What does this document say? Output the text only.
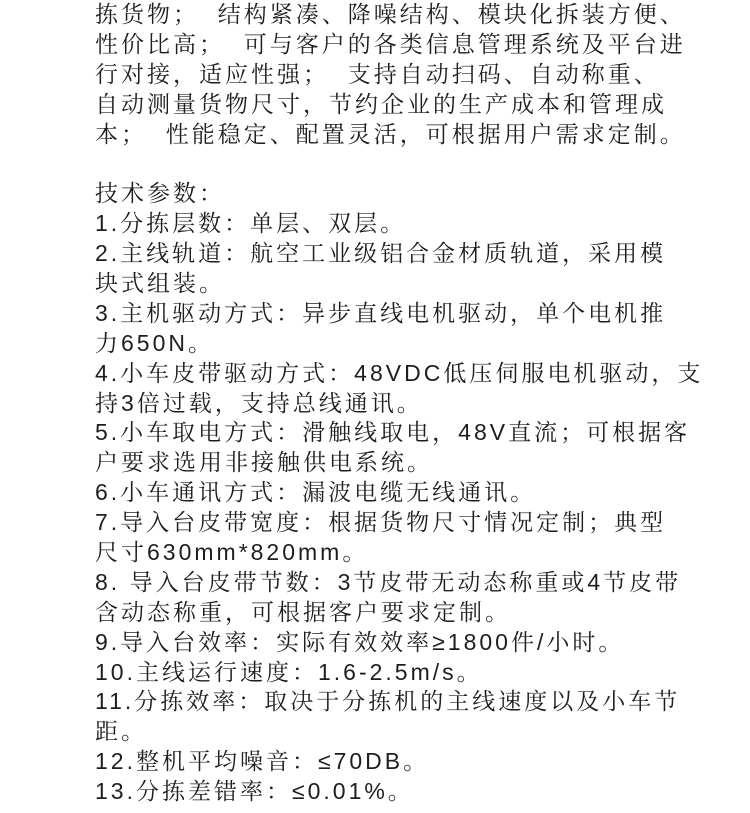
拣货物；  结构紧凑、降噪结构、模块化拆装方便、
性价比高；  可与客户的各类信息管理系统及平台进
行对接，适应性强；  支持自动扫码、自动称重、
自动测量货物尺寸，节约企业的生产成本和管理成
本；  性能稳定、配置灵活，可根据用户需求定制。
技术参数：
1.分拣层数：单层、双层。
2.主线轨道：航空工业级铝合金材质轨道，采用模
块式组装。
3.主机驱动方式：异步直线电机驱动，单个电机推
力650N。
4.小车皮带驱动方式：48VDC低压伺服电机驱动，支
持3倍过载，支持总线通讯。
5.小车取电方式：滑触线取电，48V直流；可根据客
户要求选用非接触供电系统。
6.小车通讯方式：漏波电缆无线通讯。
7.导入台皮带宽度：根据货物尺寸情况定制；典型
尺寸630mm*820mm。
8. 导入台皮带节数：3节皮带无动态称重或4节皮带
含动态称重，可根据客户要求定制。
9.导入台效率：实际有效效率≥1800件/小时。
10.主线运行速度：1.6-2.5m/s。
11.分拣效率：取决于分拣机的主线速度以及小车节
距。
12.整机平均噪音：≤70DB。
13.分拣差错率：≤0.01%。
